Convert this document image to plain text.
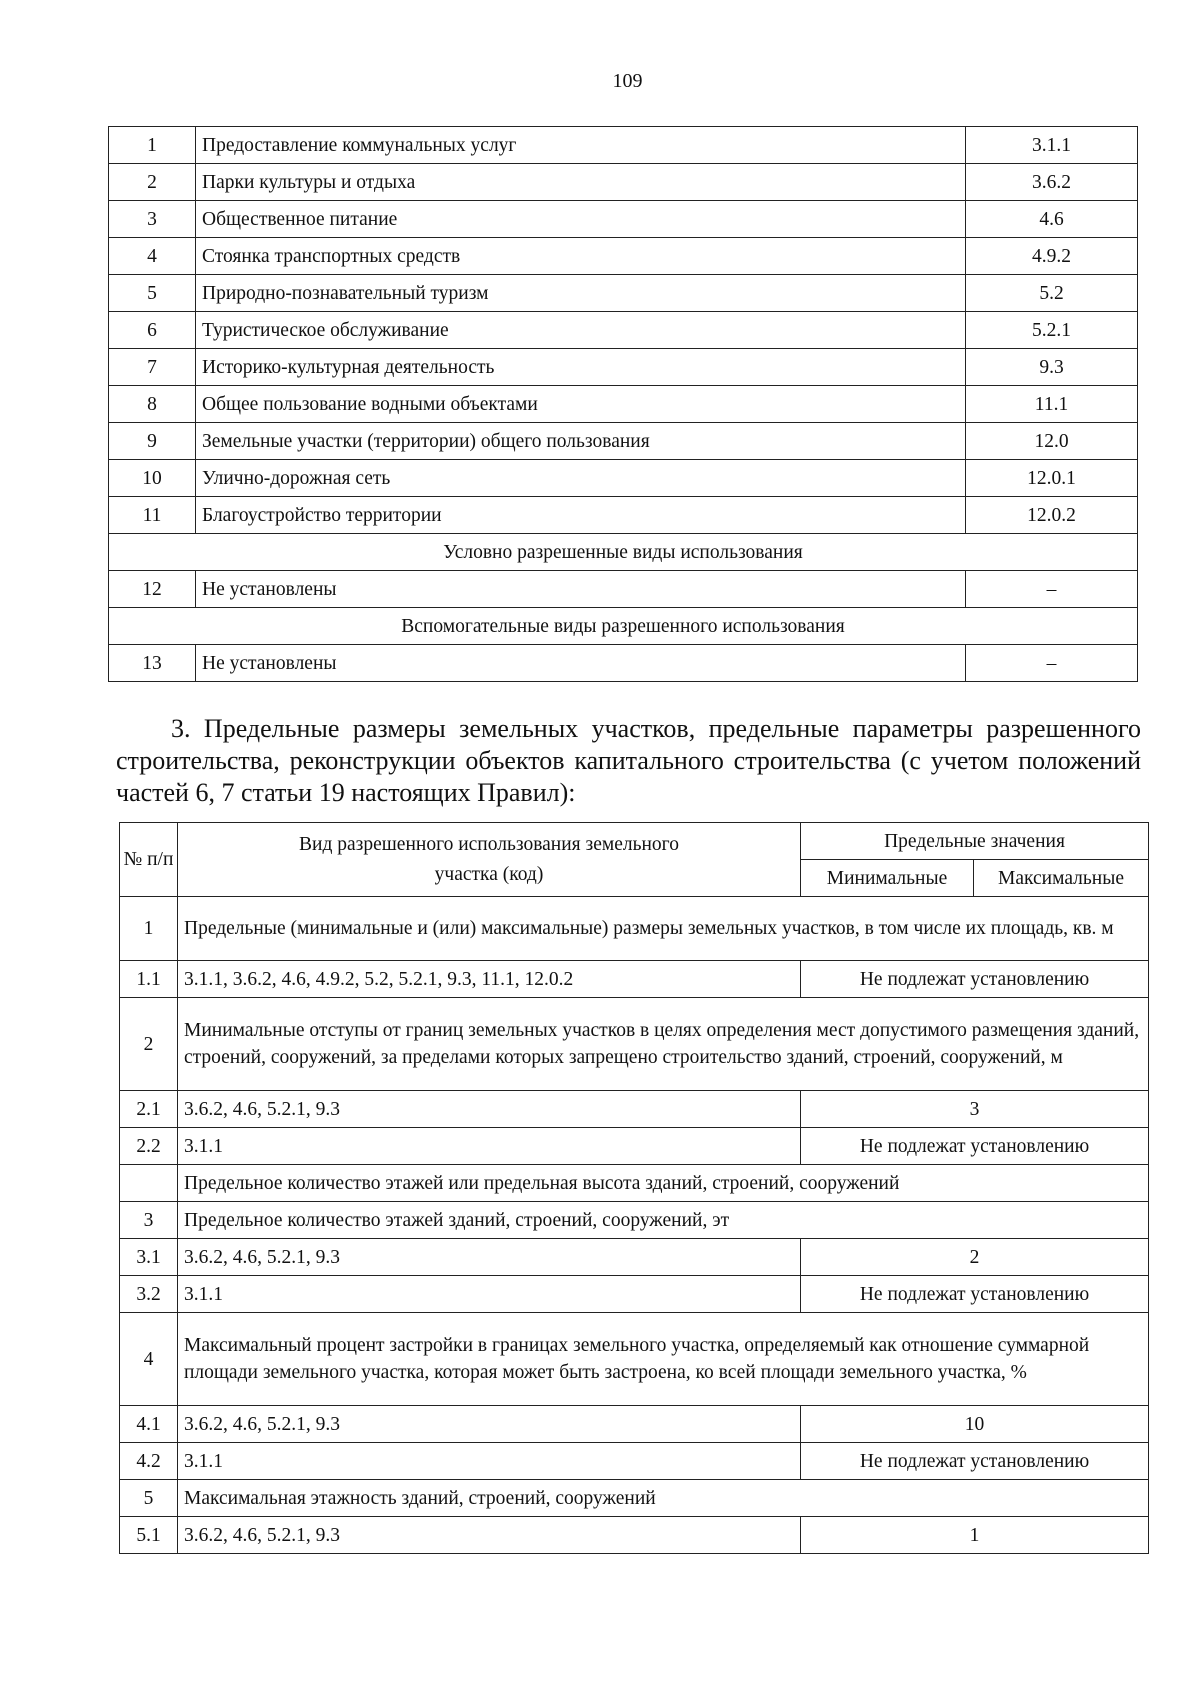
109
1	Предоставление коммунальных услуг	3.1.1
2	Парки культуры и отдыха	3.6.2
3	Общественное питание	4.6
4	Стоянка транспортных средств	4.9.2
5	Природно-познавательный туризм	5.2
6	Туристическое обслуживание	5.2.1
7	Историко-культурная деятельность	9.3
8	Общее пользование водными объектами	11.1
9	Земельные участки (территории) общего пользования	12.0
10	Улично-дорожная сеть	12.0.1
11	Благоустройство территории	12.0.2
Условно разрешенные виды использования		
12	Не установлены	–
Вспомогательные виды разрешенного использования		
13	Не установлены	–
3. Предельные размеры земельных участков, предельные параметры разрешенного строительства, реконструкции объектов капитального строительства (с учетом положений частей 6, 7 статьи 19 настоящих Правил):
№ п/п	Вид разрешенного использования земельного участка (код)	Предельные значения	
		Минимальные	Максимальные
1	Предельные (минимальные и (или) максимальные) размеры земельных участков, в том числе их площадь, кв. м		
1.1	3.1.1, 3.6.2, 4.6, 4.9.2, 5.2, 5.2.1, 9.3, 11.1, 12.0.2	Не подлежат установлению	
2	Минимальные отступы от границ земельных участков в целях определения мест допустимого размещения зданий, строений, сооружений, за пределами которых запрещено строительство зданий, строений, сооружений, м		
2.1	3.6.2, 4.6, 5.2.1, 9.3	3	
2.2	3.1.1	Не подлежат установлению	
	Предельное количество этажей или предельная высота зданий, строений, сооружений		
3	Предельное количество этажей зданий, строений, сооружений, эт		
3.1	3.6.2, 4.6, 5.2.1, 9.3	2	
3.2	3.1.1	Не подлежат установлению	
4	Максимальный процент застройки в границах земельного участка, определяемый как отношение суммарной площади земельного участка, которая может быть застроена, ко всей площади земельного участка, %		
4.1	3.6.2, 4.6, 5.2.1, 9.3	10	
4.2	3.1.1	Не подлежат установлению	
5	Максимальная этажность зданий, строений, сооружений		
5.1	3.6.2, 4.6, 5.2.1, 9.3	1	
